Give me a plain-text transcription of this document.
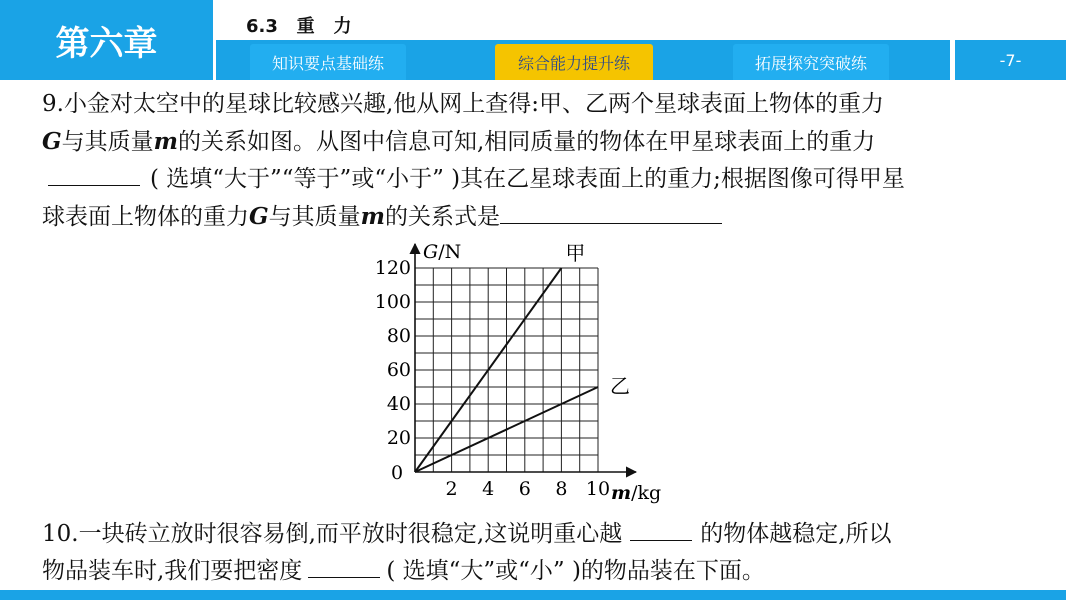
第六章	6.3   重   力
知识要点基础练	综合能力提升练	拓展探究突破练	-7-
9.小金对太空中的星球比较感兴趣,他从网上查得:甲、乙两个星球表面上物体的重力
G与其质量m的关系如图。从图中信息可知,相同质量的物体在甲星球表面上的重力
( 选填“大于”“等于”或“小于” )其在乙星球表面上的重力;根据图像可得甲星
球表面上物体的重力G与其质量m的关系式是
20
40
60
80
100
120
2 4 6 8 10
0
G/N
m/kg
甲
乙
10.一块砖立放时很容易倒,而平放时很稳定,这说明重心越	的物体越稳定,所以
物品装车时,我们要把密度	( 选填“大”或“小” )的物品装在下面。
